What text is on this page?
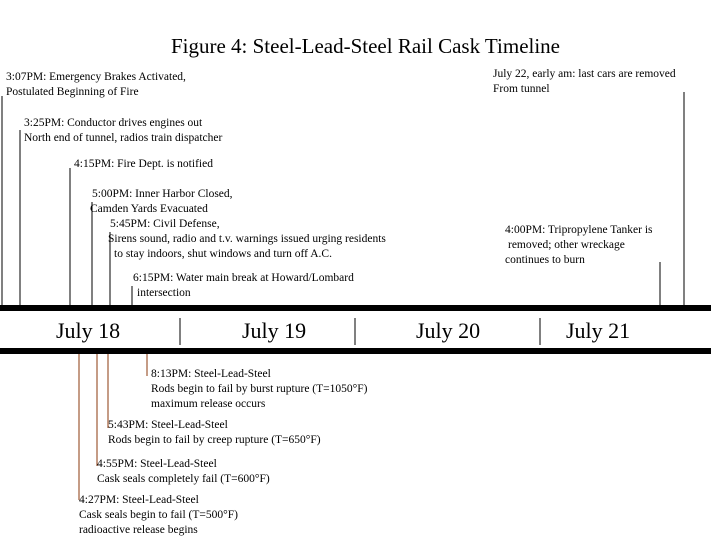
Figure 4: Steel-Lead-Steel Rail Cask Timeline
July 18	July 19	July 20	July 21
3:07PM: Emergency Brakes Activated,
Postulated Beginning of Fire
3:25PM: Conductor drives engines out
North end of tunnel, radios train dispatcher
4:15PM: Fire Dept. is notified
5:00PM: Inner Harbor Closed,
Camden Yards Evacuated
5:45PM: Civil Defense,
Sirens sound, radio and t.v. warnings issued urging residents
to stay indoors, shut windows and turn off A.C.
6:15PM: Water main break at Howard/Lombard
intersection
4:00PM: Tripropylene Tanker is
removed; other wreckage
continues to burn
July 22, early am: last cars are removed
From tunnel
8:13PM: Steel-Lead-Steel
Rods begin to fail by burst rupture (T=1050°F)
maximum release occurs
5:43PM: Steel-Lead-Steel
Rods begin to fail by creep rupture (T=650°F)
4:55PM: Steel-Lead-Steel
Cask seals completely fail (T=600°F)
4:27PM: Steel-Lead-Steel
Cask seals begin to fail (T=500°F)
radioactive release begins
